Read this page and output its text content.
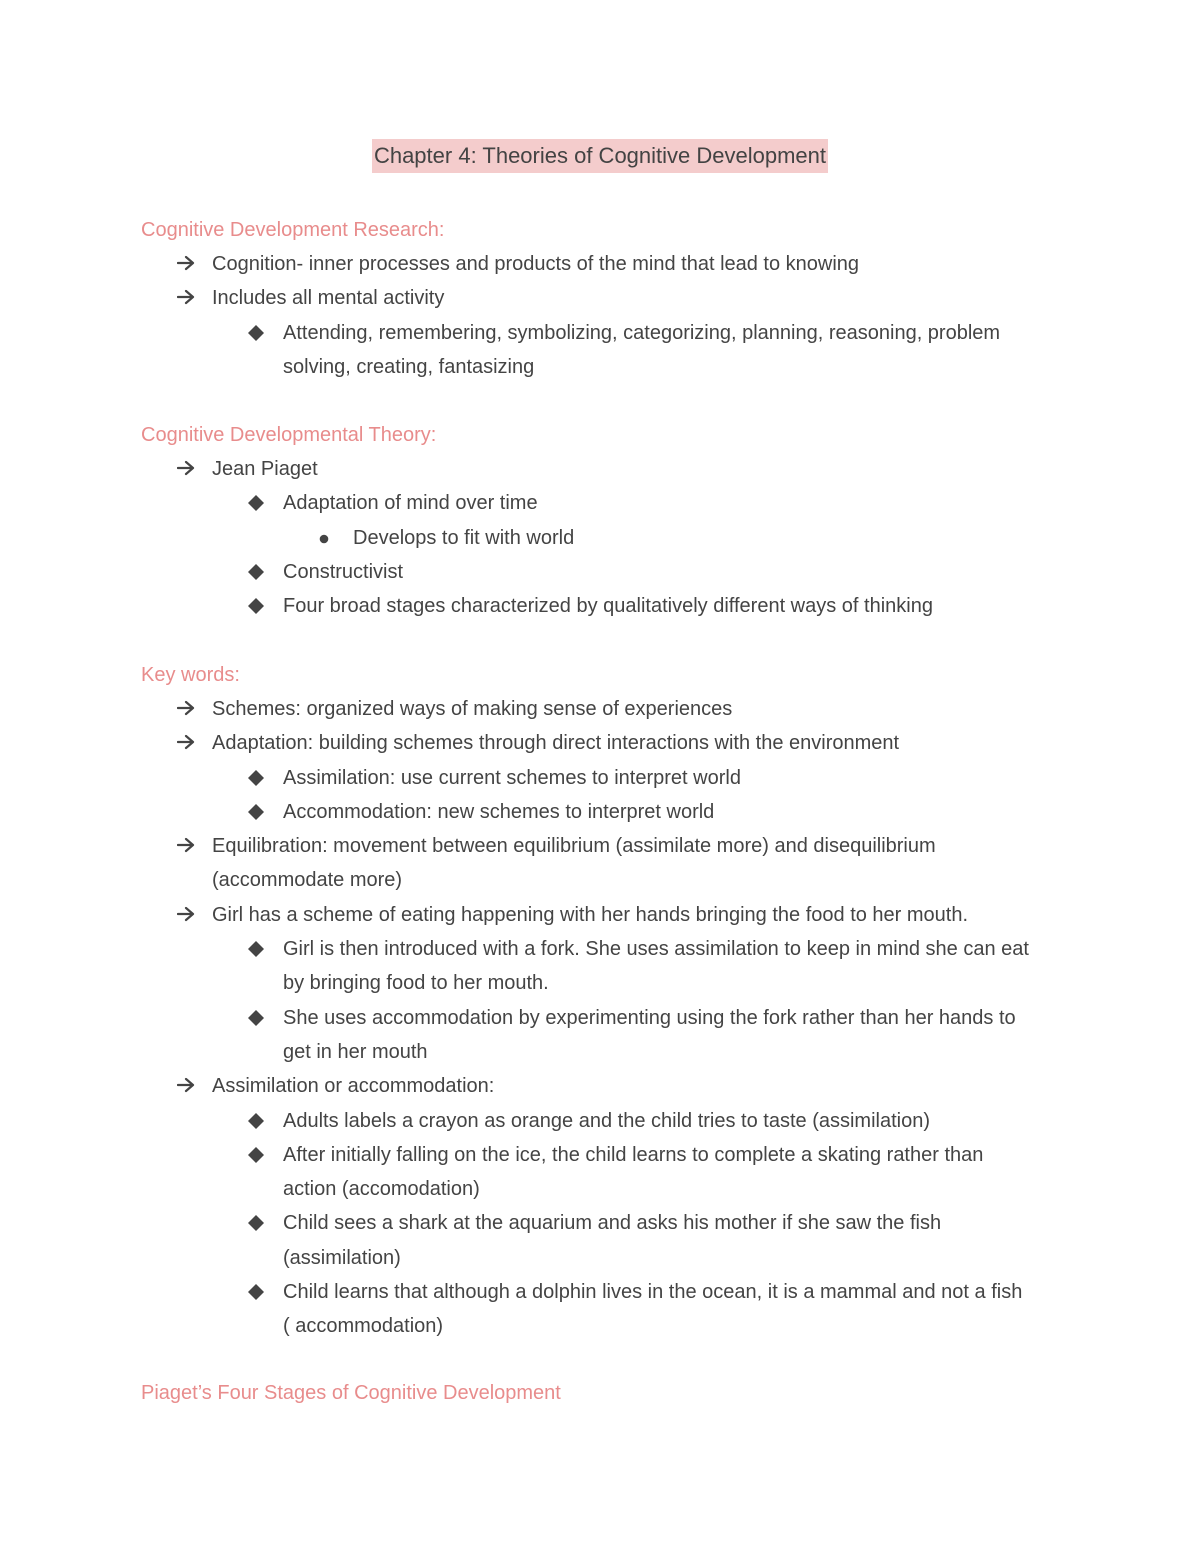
Chapter 4: Theories of Cognitive Development
Cognitive Development Research:
Cognition- inner processes and products of the mind that lead to knowing
Includes all mental activity
Attending, remembering, symbolizing, categorizing, planning, reasoning, problem
solving, creating, fantasizing
Cognitive Developmental Theory:
Jean Piaget
Adaptation of mind over time
Develops to fit with world
Constructivist
Four broad stages characterized by qualitatively different ways of thinking
Key words:
Schemes: organized ways of making sense of experiences
Adaptation: building schemes through direct interactions with the environment
Assimilation: use current schemes to interpret world
Accommodation: new schemes to interpret world
Equilibration: movement between equilibrium (assimilate more) and disequilibrium
(accommodate more)
Girl has a scheme of eating happening with her hands bringing the food to her mouth.
Girl is then introduced with a fork. She uses assimilation to keep in mind she can eat
by bringing food to her mouth.
She uses accommodation by experimenting using the fork rather than her hands to
get in her mouth
Assimilation or accommodation:
Adults labels a crayon as orange and the child tries to taste (assimilation)
After initially falling on the ice, the child learns to complete a skating rather than
action (accomodation)
Child sees a shark at the aquarium and asks his mother if she saw the fish
(assimilation)
Child learns that although a dolphin lives in the ocean, it is a mammal and not a fish
( accommodation)
Piaget’s Four Stages of Cognitive Development
